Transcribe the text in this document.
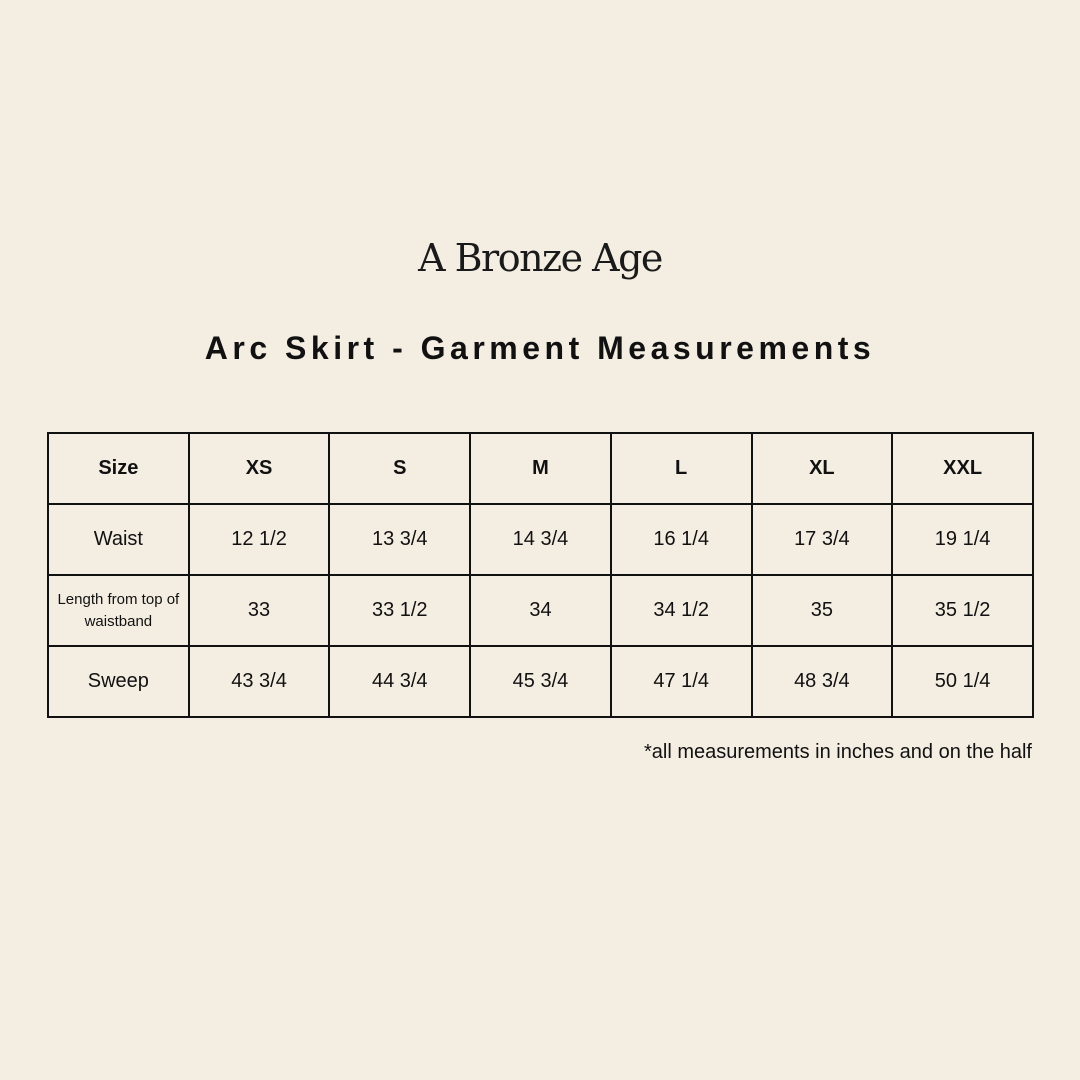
A Bronze Age
Arc Skirt - Garment Measurements
Size	XS	S	M	L	XL	XXL
Waist	12 1/2	13 3/4	14 3/4	16 1/4	17 3/4	19 1/4
Length from top of waistband	33	33 1/2	34	34 1/2	35	35 1/2
Sweep	43 3/4	44 3/4	45 3/4	47 1/4	48 3/4	50 1/4
*all measurements in inches and on the half
